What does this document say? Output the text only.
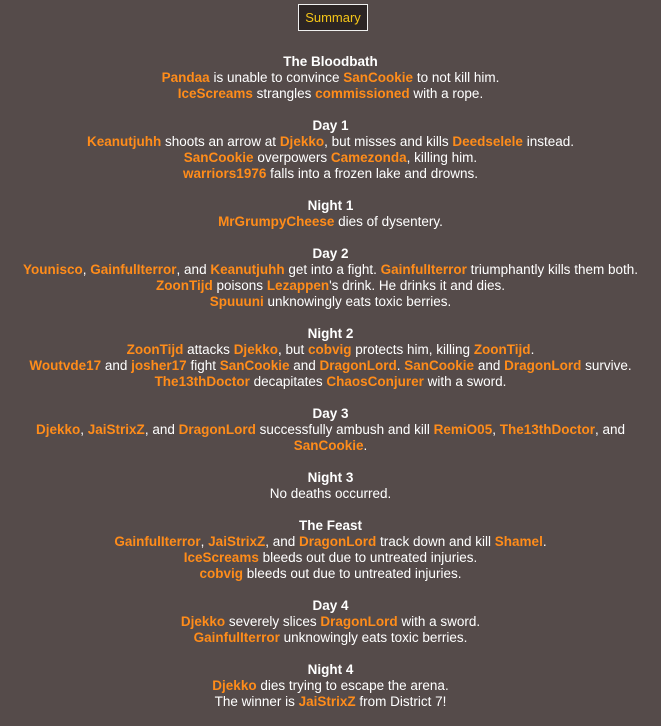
Summary
The Bloodbath
Pandaa is unable to convince SanCookie to not kill him.
IceScreams strangles commissioned with a rope.
Day 1
Keanutjuhh shoots an arrow at Djekko, but misses and kills Deedselele instead.
SanCookie overpowers Camezonda, killing him.
warriors1976 falls into a frozen lake and drowns.
Night 1
MrGrumpyCheese dies of dysentery.
Day 2
Younisco, GainfulIterror, and Keanutjuhh get into a fight. GainfulIterror triumphantly kills them both.
ZoonTijd poisons Lezappen's drink. He drinks it and dies.
Spuuuni unknowingly eats toxic berries.
Night 2
ZoonTijd attacks Djekko, but cobvig protects him, killing ZoonTijd.
Woutvde17 and josher17 fight SanCookie and DragonLord. SanCookie and DragonLord survive.
The13thDoctor decapitates ChaosConjurer with a sword.
Day 3
Djekko, JaiStrixZ, and DragonLord successfully ambush and kill RemiO05, The13thDoctor, and
SanCookie.
Night 3
No deaths occurred.
The Feast
GainfulIterror, JaiStrixZ, and DragonLord track down and kill Shamel.
IceScreams bleeds out due to untreated injuries.
cobvig bleeds out due to untreated injuries.
Day 4
Djekko severely slices DragonLord with a sword.
GainfulIterror unknowingly eats toxic berries.
Night 4
Djekko dies trying to escape the arena.
The winner is JaiStrixZ from District 7!
